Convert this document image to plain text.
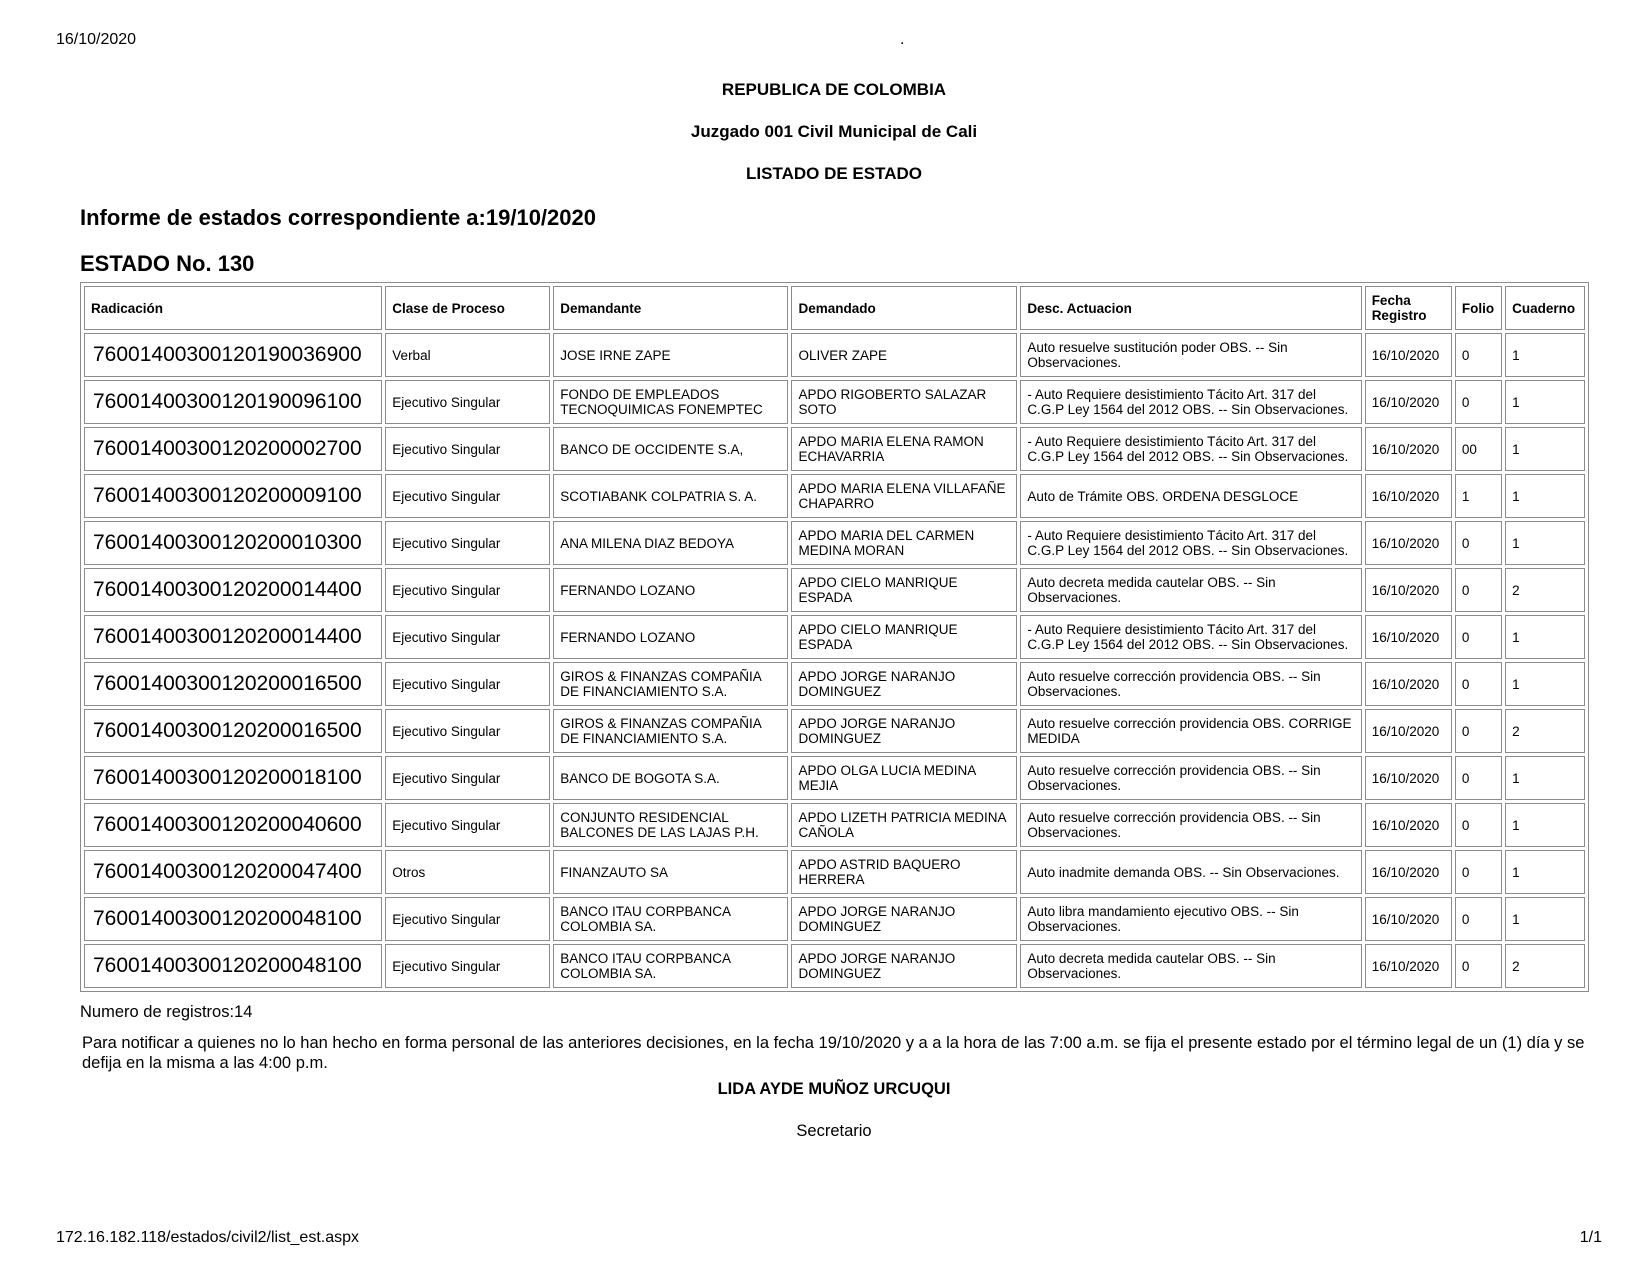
16/10/2020	.
REPUBLICA DE COLOMBIA
Juzgado 001 Civil Municipal de Cali
LISTADO DE ESTADO
Informe de estados correspondiente a:19/10/2020
ESTADO No. 130
Radicación	Clase de Proceso	Demandante	Demandado	Desc. Actuacion	Fecha Registro	Folio	Cuaderno
76001400300120190036900	Verbal	JOSE IRNE ZAPE	OLIVER ZAPE	Auto resuelve sustitución poder OBS. -- Sin Observaciones.	16/10/2020	0	1
76001400300120190096100	Ejecutivo Singular	FONDO DE EMPLEADOS TECNOQUIMICAS FONEMPTEC	APDO RIGOBERTO SALAZAR SOTO	- Auto Requiere desistimiento Tácito Art. 317 del C.G.P Ley 1564 del 2012 OBS. -- Sin Observaciones.	16/10/2020	0	1
76001400300120200002700	Ejecutivo Singular	BANCO DE OCCIDENTE S.A,	APDO MARIA ELENA RAMON ECHAVARRIA	- Auto Requiere desistimiento Tácito Art. 317 del C.G.P Ley 1564 del 2012 OBS. -- Sin Observaciones.	16/10/2020	00	1
76001400300120200009100	Ejecutivo Singular	SCOTIABANK COLPATRIA S. A.	APDO MARIA ELENA VILLAFAÑE CHAPARRO	Auto de Trámite OBS. ORDENA DESGLOCE	16/10/2020	1	1
76001400300120200010300	Ejecutivo Singular	ANA MILENA DIAZ BEDOYA	APDO MARIA DEL CARMEN MEDINA MORAN	- Auto Requiere desistimiento Tácito Art. 317 del C.G.P Ley 1564 del 2012 OBS. -- Sin Observaciones.	16/10/2020	0	1
76001400300120200014400	Ejecutivo Singular	FERNANDO LOZANO	APDO CIELO MANRIQUE ESPADA	Auto decreta medida cautelar OBS. -- Sin Observaciones.	16/10/2020	0	2
76001400300120200014400	Ejecutivo Singular	FERNANDO LOZANO	APDO CIELO MANRIQUE ESPADA	- Auto Requiere desistimiento Tácito Art. 317 del C.G.P Ley 1564 del 2012 OBS. -- Sin Observaciones.	16/10/2020	0	1
76001400300120200016500	Ejecutivo Singular	GIROS & FINANZAS COMPAÑIA DE FINANCIAMIENTO S.A.	APDO JORGE NARANJO DOMINGUEZ	Auto resuelve corrección providencia OBS. -- Sin Observaciones.	16/10/2020	0	1
76001400300120200016500	Ejecutivo Singular	GIROS & FINANZAS COMPAÑIA DE FINANCIAMIENTO S.A.	APDO JORGE NARANJO DOMINGUEZ	Auto resuelve corrección providencia OBS. CORRIGE MEDIDA	16/10/2020	0	2
76001400300120200018100	Ejecutivo Singular	BANCO DE BOGOTA S.A.	APDO OLGA LUCIA MEDINA MEJIA	Auto resuelve corrección providencia OBS. -- Sin Observaciones.	16/10/2020	0	1
76001400300120200040600	Ejecutivo Singular	CONJUNTO RESIDENCIAL BALCONES DE LAS LAJAS P.H.	APDO LIZETH PATRICIA MEDINA CAÑOLA	Auto resuelve corrección providencia OBS. -- Sin Observaciones.	16/10/2020	0	1
76001400300120200047400	Otros	FINANZAUTO SA	APDO ASTRID BAQUERO HERRERA	Auto inadmite demanda OBS. -- Sin Observaciones.	16/10/2020	0	1
76001400300120200048100	Ejecutivo Singular	BANCO ITAU CORPBANCA COLOMBIA SA.	APDO JORGE NARANJO DOMINGUEZ	Auto libra mandamiento ejecutivo OBS. -- Sin Observaciones.	16/10/2020	0	1
76001400300120200048100	Ejecutivo Singular	BANCO ITAU CORPBANCA COLOMBIA SA.	APDO JORGE NARANJO DOMINGUEZ	Auto decreta medida cautelar OBS. -- Sin Observaciones.	16/10/2020	0	2
Numero de registros:14
Para notificar a quienes no lo han hecho en forma personal de las anteriores decisiones, en la fecha 19/10/2020 y a a la hora de las 7:00 a.m. se fija el presente estado por el término legal de un (1) día y se defija en la misma a las 4:00 p.m.
LIDA AYDE MUÑOZ URCUQUI
Secretario
172.16.182.118/estados/civil2/list_est.aspx	1/1
